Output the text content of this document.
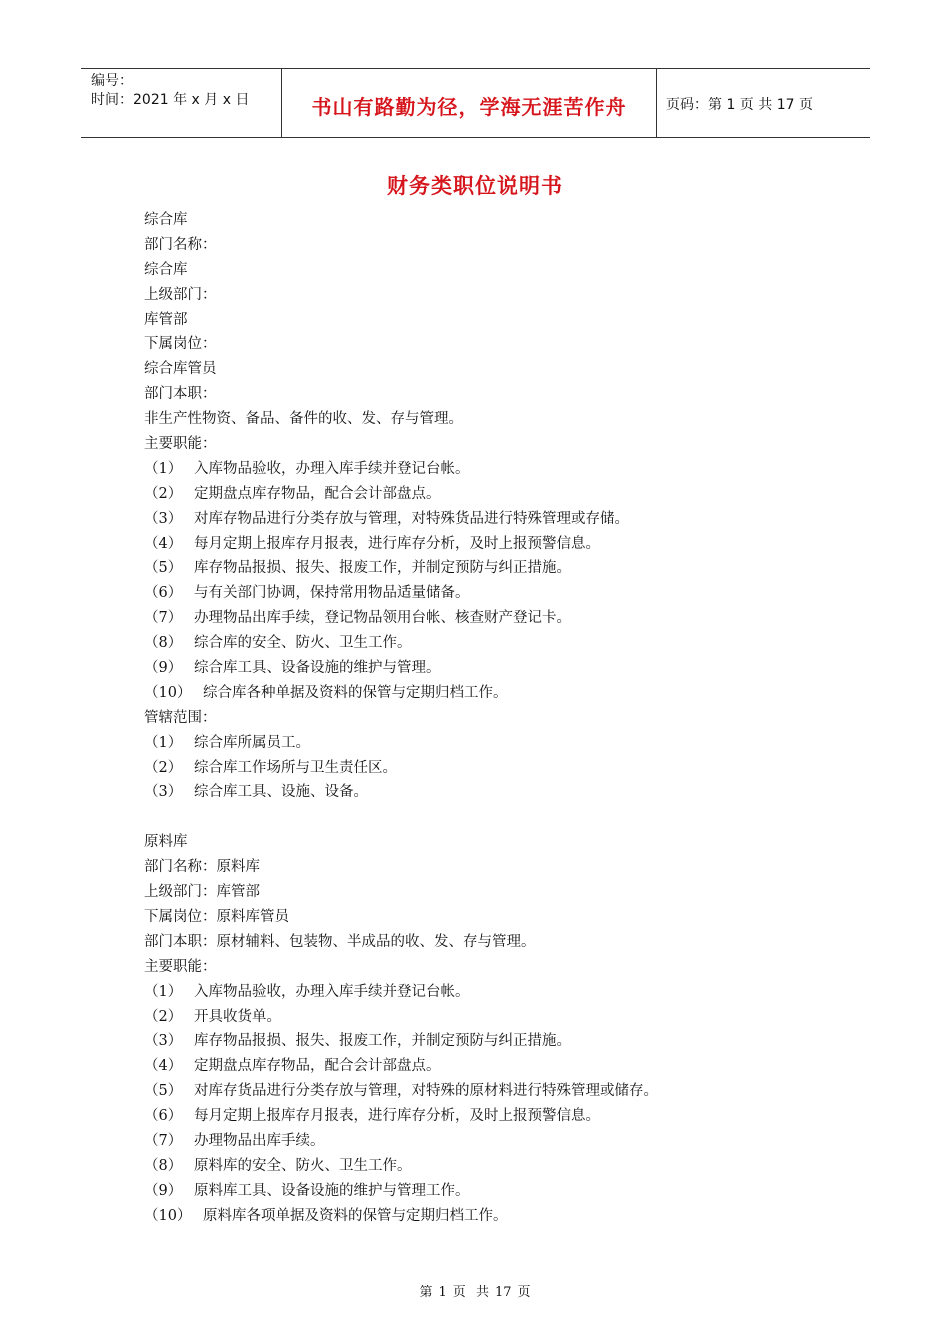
编号：
时间：2021 年 x 月 x 日	书山有路勤为径，学海无涯苦作舟	页码：第 1 页 共 17 页
财务类职位说明书
综合库
部门名称：
综合库
上级部门：
库管部
下属岗位：
综合库管员
部门本职：
非生产性物资、备品、备件的收、发、存与管理。
主要职能：
（1） 入库物品验收，办理入库手续并登记台帐。
（2） 定期盘点库存物品，配合会计部盘点。
（3） 对库存物品进行分类存放与管理，对特殊货品进行特殊管理或存储。
（4） 每月定期上报库存月报表，进行库存分析，及时上报预警信息。
（5） 库存物品报损、报失、报废工作，并制定预防与纠正措施。
（6） 与有关部门协调，保持常用物品适量储备。
（7） 办理物品出库手续，登记物品领用台帐、核查财产登记卡。
（8） 综合库的安全、防火、卫生工作。
（9） 综合库工具、设备设施的维护与管理。
（10） 综合库各种单据及资料的保管与定期归档工作。
管辖范围：
（1） 综合库所属员工。
（2） 综合库工作场所与卫生责任区。
（3） 综合库工具、设施、设备。
原料库
部门名称：原料库
上级部门：库管部
下属岗位：原料库管员
部门本职：原材辅料、包装物、半成品的收、发、存与管理。
主要职能：
（1） 入库物品验收，办理入库手续并登记台帐。
（2） 开具收货单。
（3） 库存物品报损、报失、报废工作，并制定预防与纠正措施。
（4） 定期盘点库存物品，配合会计部盘点。
（5） 对库存货品进行分类存放与管理，对特殊的原材料进行特殊管理或储存。
（6） 每月定期上报库存月报表，进行库存分析，及时上报预警信息。
（7） 办理物品出库手续。
（8） 原料库的安全、防火、卫生工作。
（9） 原料库工具、设备设施的维护与管理工作。
（10） 原料库各项单据及资料的保管与定期归档工作。
第 1 页 共 17 页
